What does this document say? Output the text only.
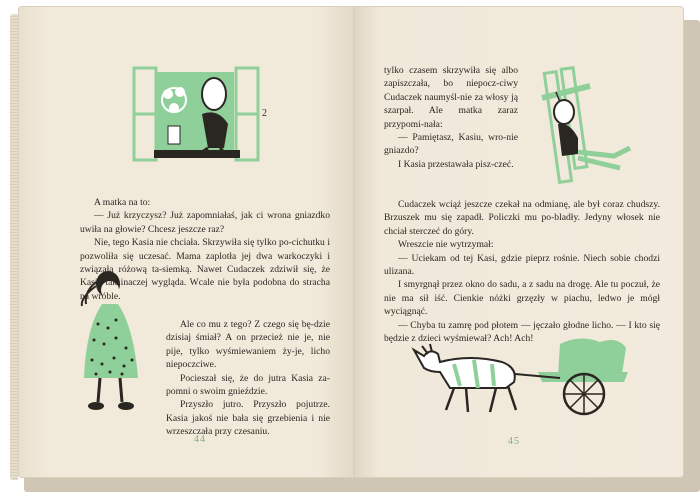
2

A matka na to:

— Już krzyczysz? Już zapomniałaś, jak ci wrona gniazdko uwiła na głowie? Chcesz jeszcze raz?

Nie, tego Kasia nie chciała. Skrzywiła się tylko po-cichutku i pozwoliła się uczesać. Mama zaplotła jej dwa warkoczyki i związała różową ta-siemką. Nawet Cudaczek zdziwił się, że Kasia tak inaczej wygląda. Wcale nie była podobna do stracha na wróble.

Ale co mu z tego? Z czego się bę-dzie dzisiaj śmiał? A on przecież nie je, nie pije, tylko wyśmiewaniem ży-je, licho niepoczciwe.

Pocieszał się, że do jutra Kasia za-pomni o swoim gnieździe.

Przyszło jutro. Przyszło pojutrze. Kasia jakoś nie bała się grzebienia i nie wrzeszczała przy czesaniu.

44

tylko czasem skrzywiła się albo zapiszczała, bo niepocz-ciwy Cudaczek naumyśl-nie za włosy ją szarpał. Ale matka zaraz przypomi-nała:

— Pamiętasz, Kasiu, wro-nie gniazdo?

I Kasia przestawała pisz-czeć.

Cudaczek wciąż jeszcze czekał na odmianę, ale był coraz chudszy. Brzuszek mu się zapadł. Policzki mu po-bladły. Jedyny włosek nie chciał sterczeć do góry.

Wreszcie nie wytrzymał:

— Uciekam od tej Kasi, gdzie pieprz rośnie. Niech sobie chodzi ulizana.

I smyrgnął przez okno do sadu, a z sadu na drogę. Ale tu poczuł, że nie ma sił iść. Cienkie nóżki grzęzły w piachu, ledwo je mógł wyciągnąć.

— Chyba tu zamrę pod płotem — jęczało głodne licho. — I kto się będzie z dzieci wyśmiewał? Ach! Ach!

45
